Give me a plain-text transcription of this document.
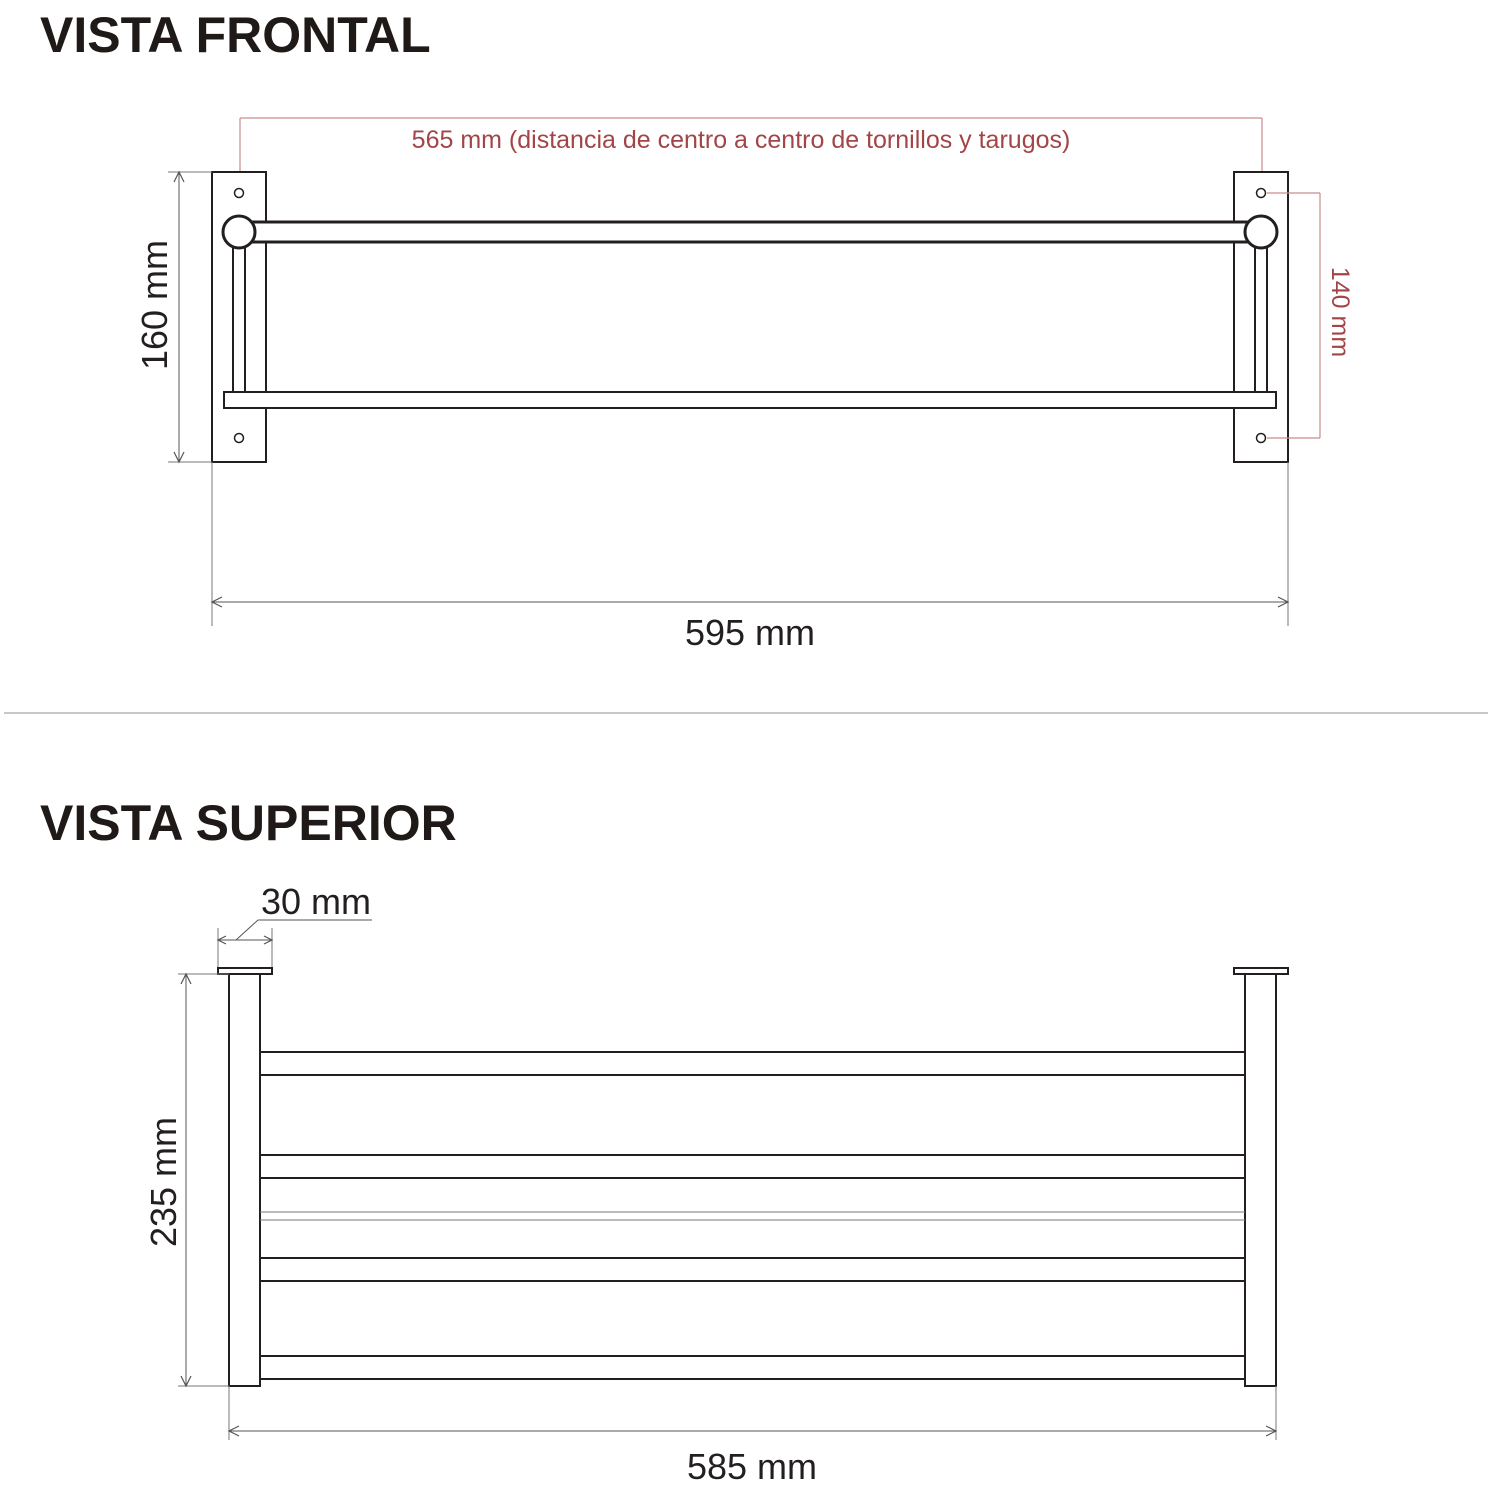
VISTA FRONTAL
565 mm (distancia de centro a centro de tornillos y tarugos)
160 mm	140 mm
595 mm
VISTA SUPERIOR
30 mm
235 mm
585 mm
